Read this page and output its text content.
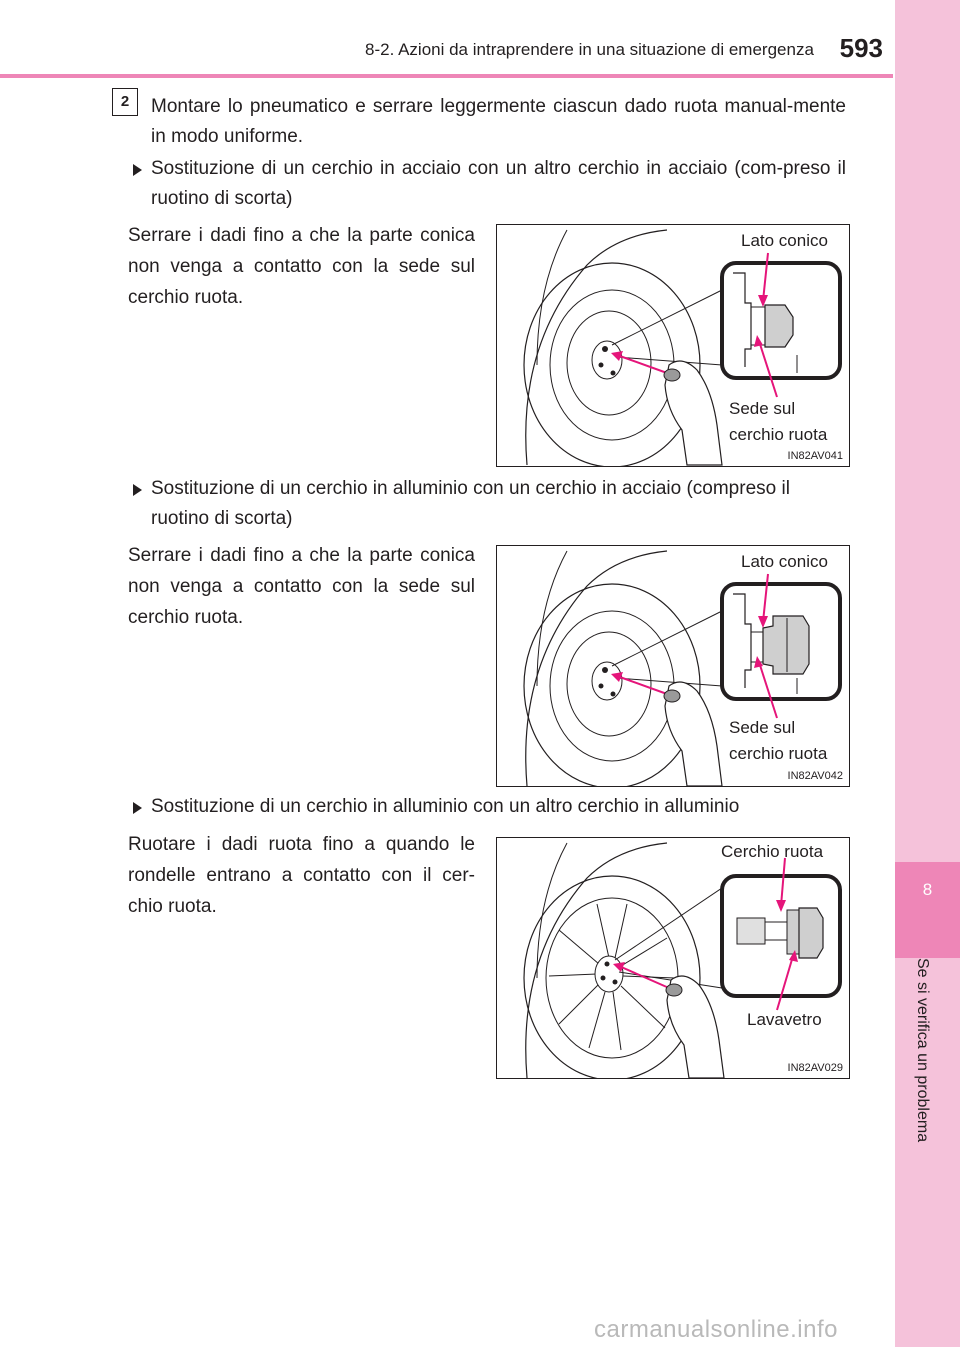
8-2. Azioni da intraprendere in una situazione di emergenza 593
8
Se si verifica un problema
2	Montare lo pneumatico e serrare leggermente ciascun dado ruota manual-mente in modo uniforme.
Sostituzione di un cerchio in acciaio con un altro cerchio in acciaio (com-preso il ruotino di scorta)
Serrare i dadi fino a che la parte conica non venga a contatto con la sede sul cerchio ruota.
Lato conico
Sede sul
cerchio ruota
IN82AV041
Sostituzione di un cerchio in alluminio con un cerchio in acciaio (compreso il ruotino di scorta)
Serrare i dadi fino a che la parte conica non venga a contatto con la sede sul cerchio ruota.
Lato conico
Sede sul
cerchio ruota
IN82AV042
Sostituzione di un cerchio in alluminio con un altro cerchio in alluminio
Ruotare i dadi ruota fino a quando le rondelle entrano a contatto con il cer-chio ruota.
Cerchio ruota
Lavavetro
IN82AV029
carmanualsonline.info
